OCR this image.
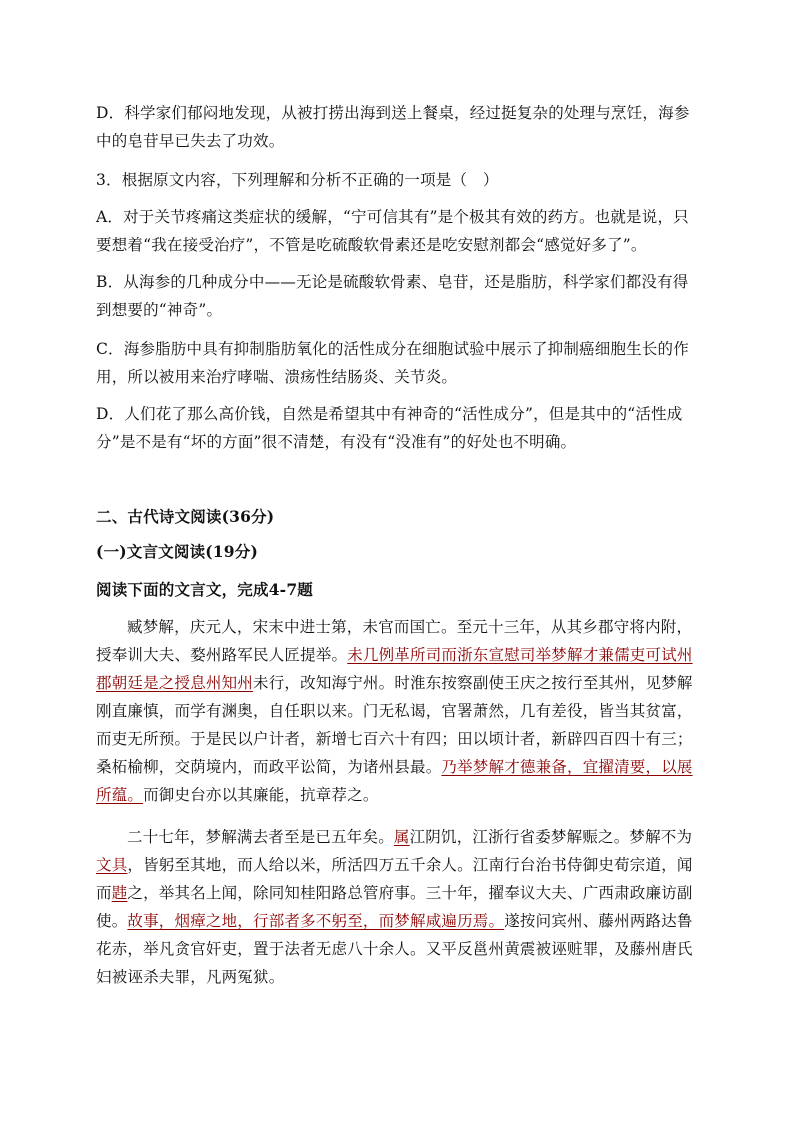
D．科学家们郁闷地发现，从被打捞出海到送上餐桌，经过挺复杂的处理与烹饪，海参
中的皂苷早已失去了功效。

3．根据原文内容，下列理解和分析不正确的一项是（　）

A．对于关节疼痛这类症状的缓解，“宁可信其有”是个极其有效的药方。也就是说，只要想着“我在接受治疗”，不管是吃硫酸软骨素还是吃安慰剂都会“感觉好多了”。

B．从海参的几种成分中——无论是硫酸软骨素、皂苷，还是脂肪，科学家们都没有得到想要的“神奇”。

C．海参脂肪中具有抑制脂肪氧化的活性成分在细胞试验中展示了抑制癌细胞生长的作用，所以被用来治疗哮喘、溃疡性结肠炎、关节炎。

D．人们花了那么高价钱，自然是希望其中有神奇的“活性成分”，但是其中的“活性成分”是不是有“坏的方面”很不清楚，有没有“没准有”的好处也不明确。

二、古代诗文阅读(36分)

(一)文言文阅读(19分)

阅读下面的文言文，完成4-7题

臧梦解，庆元人，宋末中进士第，未官而国亡。至元十三年，从其乡郡守将内附，授奉训大夫、婺州路军民人匠提举。未几例革所司而浙东宣慰司举梦解才兼儒吏可试州郡朝廷是之授息州知州未行，改知海宁州。时淮东按察副使王庆之按行至其州，见梦解刚直廉慎，而学有渊奥，自任职以来。门无私谒，官署萧然，几有差役，皆当其贫富，而吏无所预。于是民以户计者，新增七百六十有四；田以顷计者，新辟四百四十有三；桑柘榆柳，交荫境内，而政平讼简，为诸州县最。乃举梦解才德兼备，宜擢清要，以展所蕴。而御史台亦以其廉能，抗章荐之。

二十七年，梦解满去者至是已五年矣。属江阴饥，江浙行省委梦解赈之。梦解不为文具，皆躬至其地，而人给以米，所活四万五千余人。江南行台治书侍御史荀宗道，闻而韪之，举其名上闻，除同知桂阳路总管府事。三十年，擢奉议大夫、广西肃政廉访副使。故事，烟瘴之地，行部者多不躬至，而梦解咸遍历焉。遂按问宾州、藤州两路达鲁花赤，举凡贪官奸吏，置于法者无虑八十余人。又平反邕州黄震被诬赃罪，及藤州唐氏妇被诬杀夫罪，凡两冤狱。
